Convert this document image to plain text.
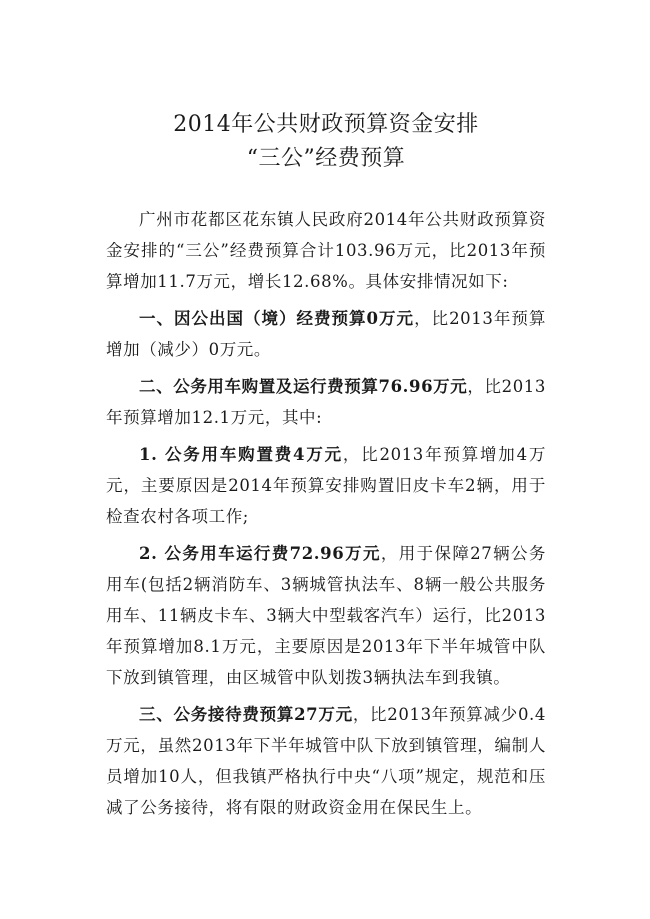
2014年公共财政预算资金安排
“三公”经费预算

广州市花都区花东镇人民政府2014年公共财政预算资金安排的“三公”经费预算合计103.96万元，比2013年预算增加11.7万元，增长12.68%。具体安排情况如下:

一、因公出国（境）经费预算0万元，比2013年预算增加（减少）0万元。

二、公务用车购置及运行费预算76.96万元，比2013年预算增加12.1万元，其中:

1. 公务用车购置费4万元，比2013年预算增加4万元，主要原因是2014年预算安排购置旧皮卡车2辆，用于检查农村各项工作;

2. 公务用车运行费72.96万元，用于保障27辆公务用车(包括2辆消防车、3辆城管执法车、8辆一般公共服务用车、11辆皮卡车、3辆大中型载客汽车）运行，比2013年预算增加8.1万元，主要原因是2013年下半年城管中队下放到镇管理，由区城管中队划拨3辆执法车到我镇。

三、公务接待费预算27万元，比2013年预算减少0.4万元，虽然2013年下半年城管中队下放到镇管理，编制人员增加10人，但我镇严格执行中央“八项”规定，规范和压减了公务接待，将有限的财政资金用在保民生上。
